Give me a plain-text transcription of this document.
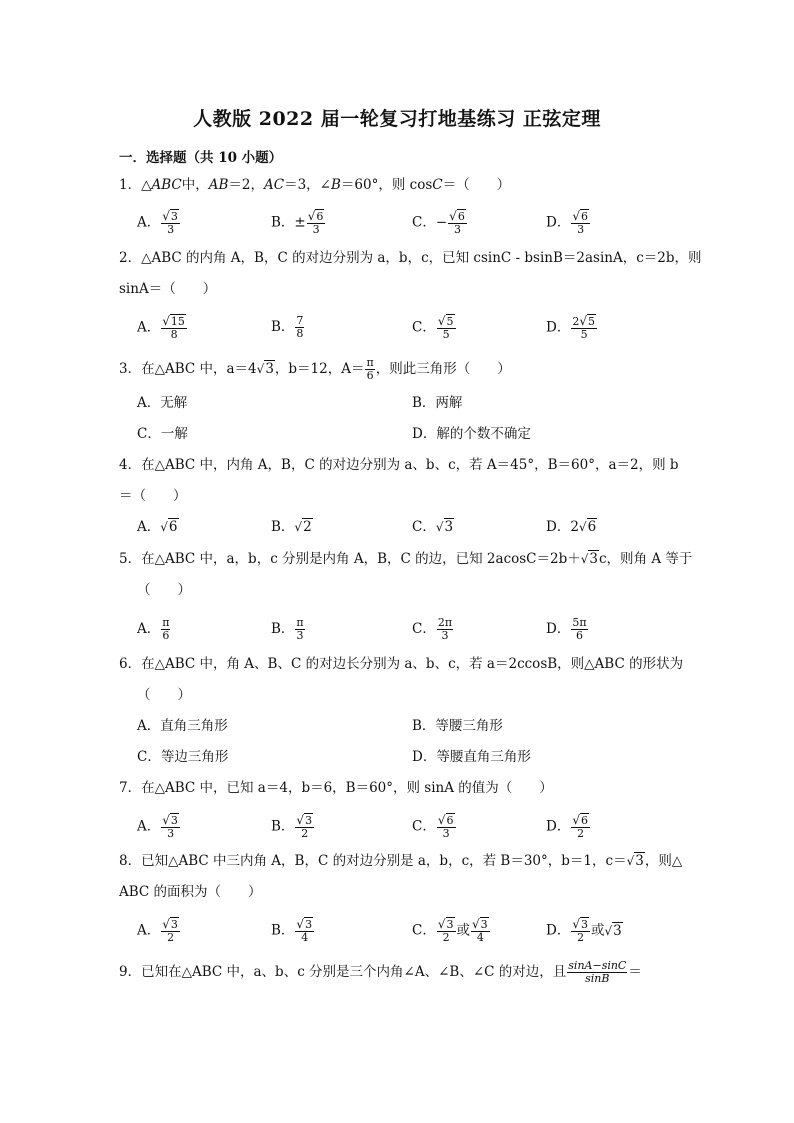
人教版 2022 届一轮复习打地基练习 正弦定理
一．选择题（共 10 小题）
1．△ABC中，AB＝2，AC＝3，∠B＝60°，则 cosC＝（　　）
A． $\frac{√3}{3}$	B．± $\frac{√6}{3}$	C．− $\frac{√6}{3}$	D． $\frac{√6}{3}$
2．△ABC 的内角 A，B，C 的对边分别为 a，b，c，已知 csinC - bsinB＝2asinA，c＝2b，则
sinA＝（　　）
A． $\frac{√15}{8}$	B． $\frac{7}{8}$	C． $\frac{√5}{5}$	D． $\frac{2√5}{5}$
3．在△ABC 中，a＝4√3，b＝12，$A= \frac{\pi}{6}$ ，则此三角形（　　）
A．无解	B．两解
C．一解	D．解的个数不确定
4．在△ABC 中，内角 A，B，C 的对边分别为 a、b、c，若 A＝45°，B＝60°，a＝2，则 b
＝（　　）
A．√6	B．√2	C．√3	D．2√6
5．在△ABC 中，a，b，c 分别是内角 A，B，C 的边，已知 2acosC＝2b＋√3c，则角 A 等于
（　　）
A． $\frac{\pi}{6}$	B． $\frac{\pi}{3}$	C． $\frac{2\pi}{3}$	D． $\frac{5\pi}{6}$
6．在△ABC 中，角 A、B、C 的对边长分别为 a、b、c，若 a＝2ccosB，则△ABC 的形状为
（　　）
A．直角三角形	B．等腰三角形
C．等边三角形	D．等腰直角三角形
7．在△ABC 中，已知 a＝4，b＝6，B＝60°，则 sinA 的值为（　　）
A． $\frac{√3}{3}$	B． $\frac{√3}{2}$	C． $\frac{√6}{3}$	D． $\frac{√6}{2}$
8．已知△ABC 中三内角 A，B，C 的对边分别是 a，b，c，若 B＝30°，b＝1，c＝√3，则△
ABC 的面积为（　　）
A． $\frac{√3}{2}$	B． $\frac{√3}{4}$	C． $\frac{√3}{2}$ 或 $\frac{√3}{4}$	D． $\frac{√3}{2}$ 或√3
9．已知在△ABC 中，a、b、c 分别是三个内角∠A、∠B、∠C 的对边，且 $\frac{\sin A-\sin C}{\sin B}$ ＝
